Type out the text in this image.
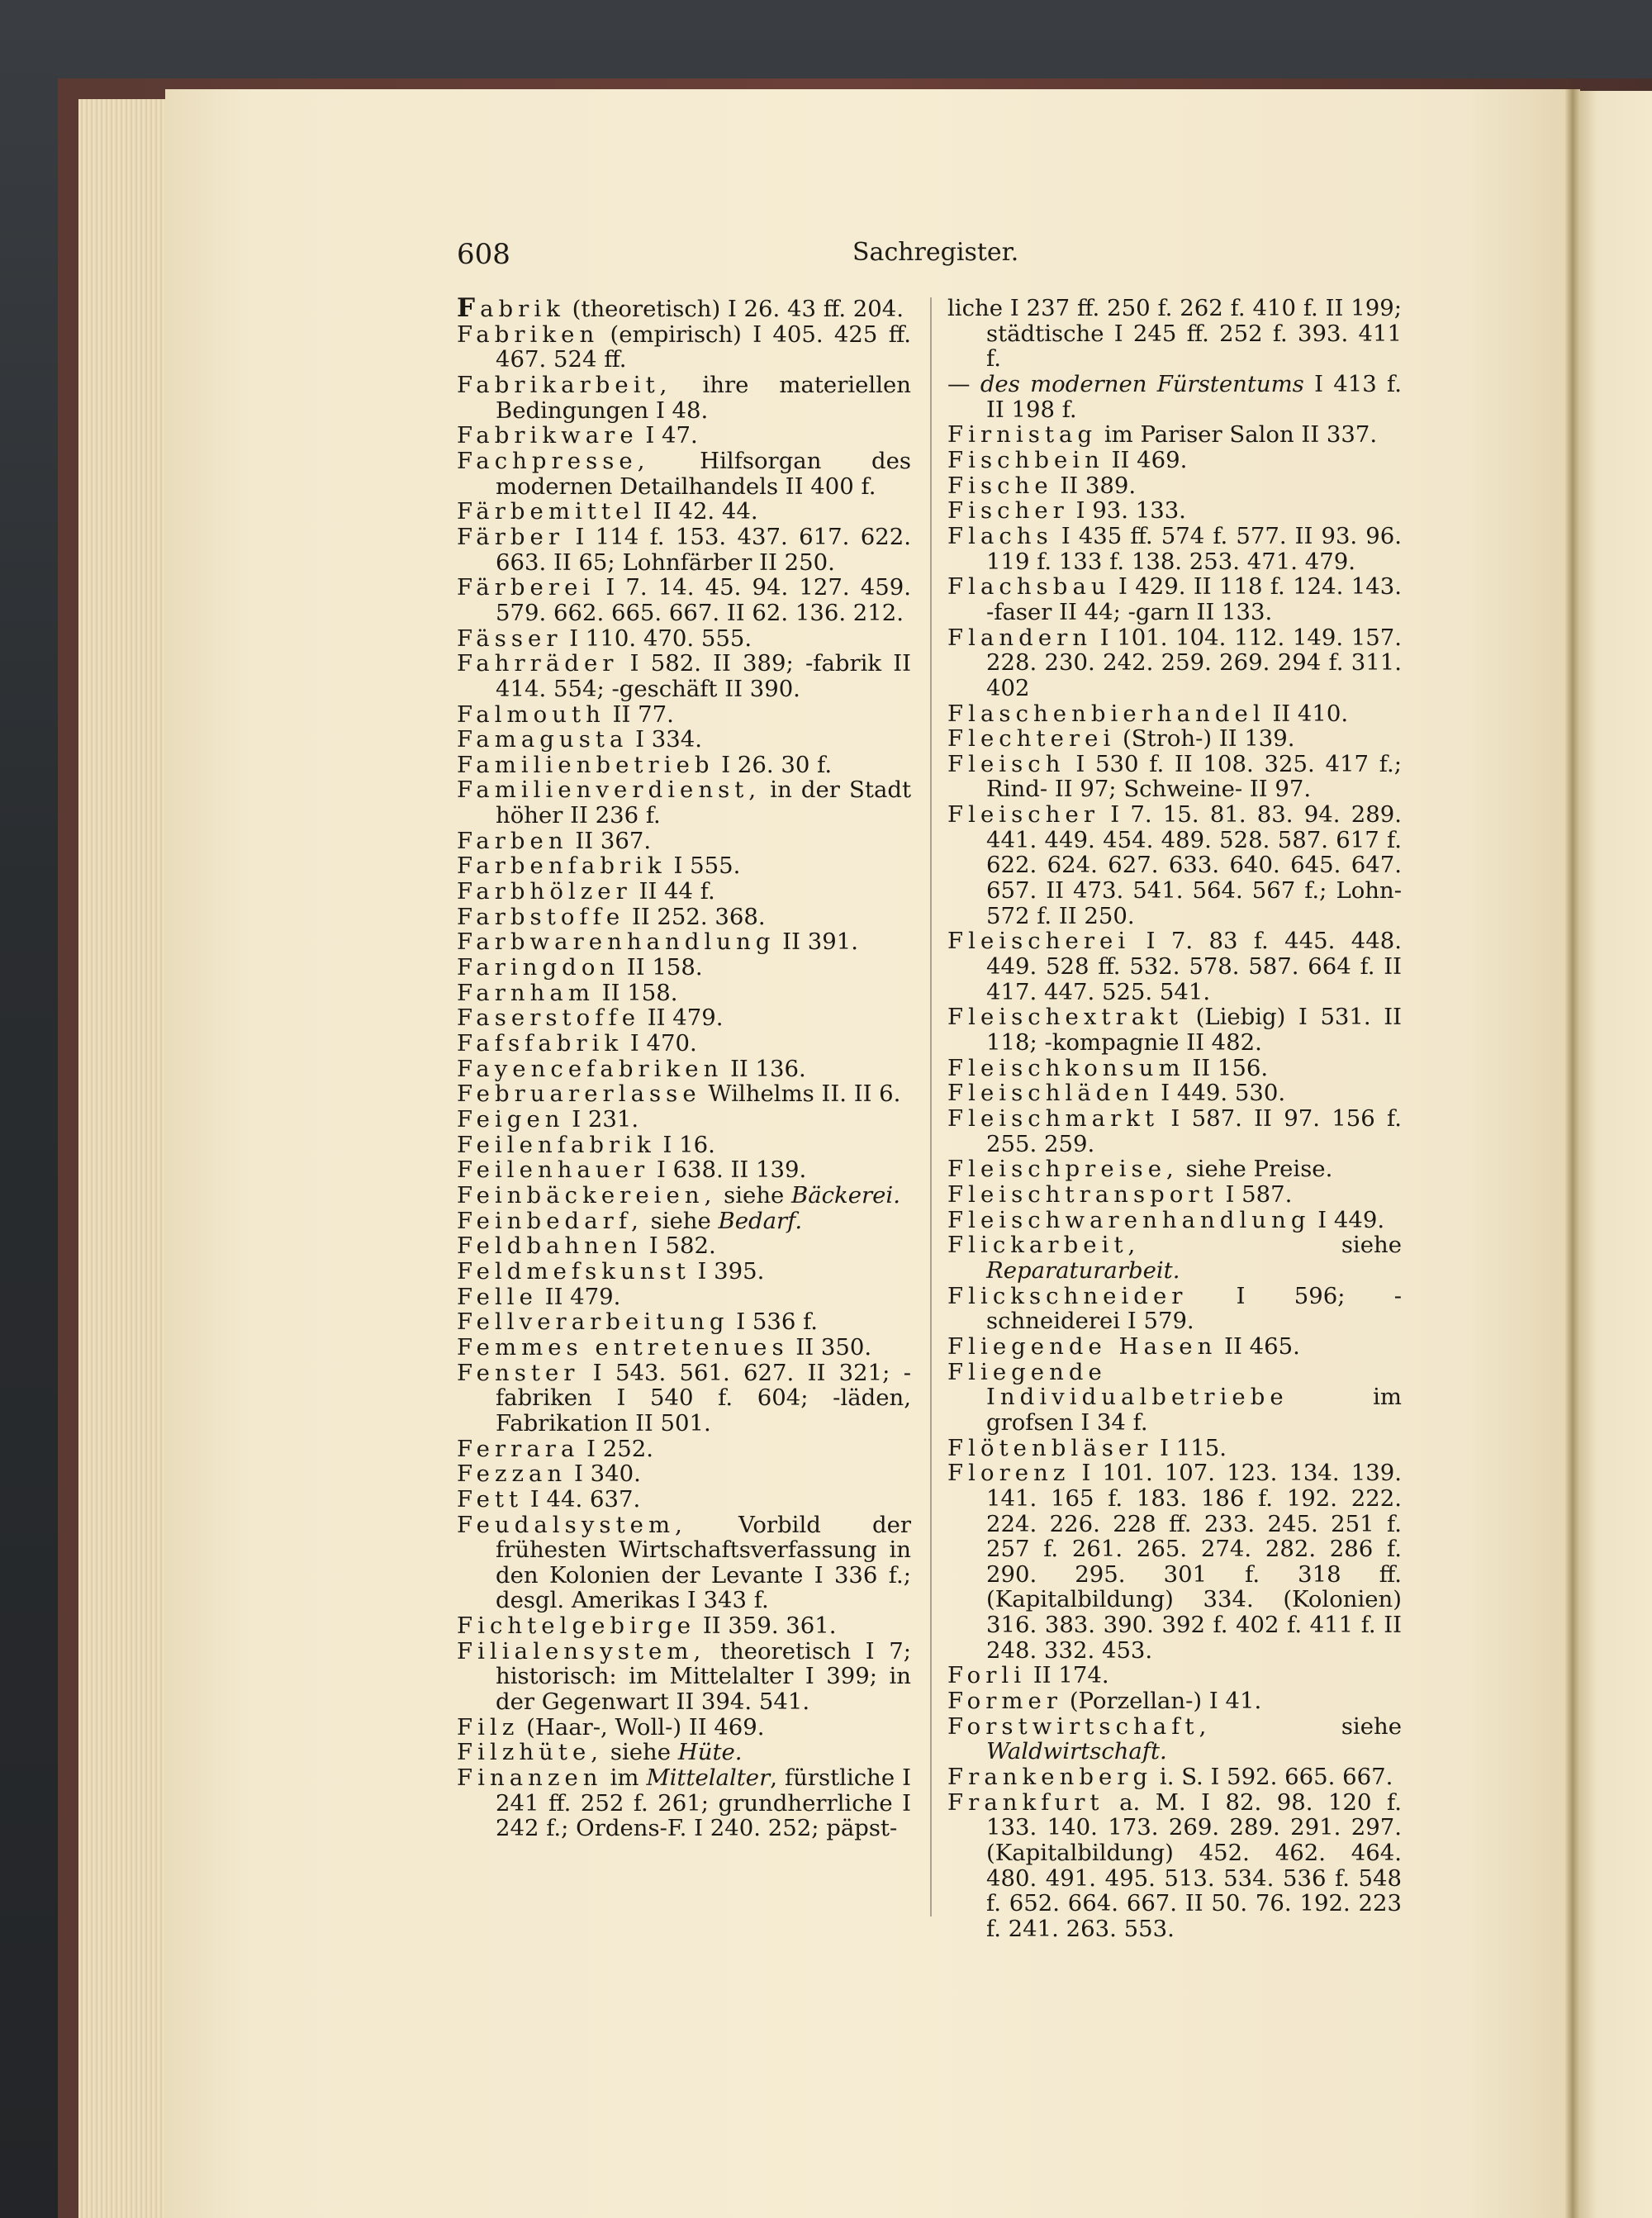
608	Sachregister.
Fabrik (theoretisch) I 26. 43 ff. 204.
Fabriken (empirisch) I 405. 425 ff. 467. 524 ff.
Fabrikarbeit, ihre materiellen Bedingungen I 48.
Fabrikware I 47.
Fachpresse, Hilfsorgan des modernen Detailhandels II 400 f.
Färbemittel II 42. 44.
Färber I 114 f. 153. 437. 617. 622. 663. II 65; Lohnfärber II 250.
Färberei I 7. 14. 45. 94. 127. 459. 579. 662. 665. 667. II 62. 136. 212.
Fässer I 110. 470. 555.
Fahrräder I 582. II 389; -fabrik II 414. 554; -geschäft II 390.
Falmouth II 77.
Famagusta I 334.
Familienbetrieb I 26. 30 f.
Familienverdienst, in der Stadt höher II 236 f.
Farben II 367.
Farbenfabrik I 555.
Farbhölzer II 44 f.
Farbstoffe II 252. 368.
Farbwarenhandlung II 391.
Faringdon II 158.
Farnham II 158.
Faserstoffe II 479.
Fafsfabrik I 470.
Fayencefabriken II 136.
Februarerlasse Wilhelms II. II 6.
Feigen I 231.
Feilenfabrik I 16.
Feilenhauer I 638. II 139.
Feinbäckereien, siehe Bäckerei.
Feinbedarf, siehe Bedarf.
Feldbahnen I 582.
Feldmefskunst I 395.
Felle II 479.
Fellverarbeitung I 536 f.
Femmes entretenues II 350.
Fenster I 543. 561. 627. II 321; -fabriken I 540 f. 604; -läden, Fabrikation II 501.
Ferrara I 252.
Fezzan I 340.
Fett I 44. 637.
Feudalsystem, Vorbild der frühesten Wirtschaftsverfassung in den Kolonien der Levante I 336 f.; desgl. Amerikas I 343 f.
Fichtelgebirge II 359. 361.
Filialensystem, theoretisch I 7; historisch: im Mittelalter I 399; in der Gegenwart II 394. 541.
Filz (Haar-, Woll-) II 469.
Filzhüte, siehe Hüte.
Finanzen im Mittelalter, fürstliche I 241 ff. 252 f. 261; grundherrliche I 242 f.; Ordens-F. I 240. 252; päpst-
liche I 237 ff. 250 f. 262 f. 410 f. II 199; städtische I 245 ff. 252 f. 393. 411 f.
— des modernen Fürstentums I 413 f. II 198 f.
Firnistag im Pariser Salon II 337.
Fischbein II 469.
Fische II 389.
Fischer I 93. 133.
Flachs I 435 ff. 574 f. 577. II 93. 96. 119 f. 133 f. 138. 253. 471. 479.
Flachsbau I 429. II 118 f. 124. 143. -faser II 44; -garn II 133.
Flandern I 101. 104. 112. 149. 157. 228. 230. 242. 259. 269. 294 f. 311. 402
Flaschenbierhandel II 410.
Flechterei (Stroh-) II 139.
Fleisch I 530 f. II 108. 325. 417 f.; Rind- II 97; Schweine- II 97.
Fleischer I 7. 15. 81. 83. 94. 289. 441. 449. 454. 489. 528. 587. 617 f. 622. 624. 627. 633. 640. 645. 647. 657. II 473. 541. 564. 567 f.; Lohn- 572 f. II 250.
Fleischerei I 7. 83 f. 445. 448. 449. 528 ff. 532. 578. 587. 664 f. II 417. 447. 525. 541.
Fleischextrakt (Liebig) I 531. II 118; -kompagnie II 482.
Fleischkonsum II 156.
Fleischläden I 449. 530.
Fleischmarkt I 587. II 97. 156 f. 255. 259.
Fleischpreise, siehe Preise.
Fleischtransport I 587.
Fleischwarenhandlung I 449.
Flickarbeit, siehe Reparaturarbeit.
Flickschneider I 596; -schneiderei I 579.
Fliegende Hasen II 465.
Fliegende Individualbetriebe im grofsen I 34 f.
Flötenbläser I 115.
Florenz I 101. 107. 123. 134. 139. 141. 165 f. 183. 186 f. 192. 222. 224. 226. 228 ff. 233. 245. 251 f. 257 f. 261. 265. 274. 282. 286 f. 290. 295. 301 f. 318 ff. (Kapitalbildung) 334. (Kolonien) 316. 383. 390. 392 f. 402 f. 411 f. II 248. 332. 453.
Forli II 174.
Former (Porzellan-) I 41.
Forstwirtschaft, siehe Waldwirtschaft.
Frankenberg i. S. I 592. 665. 667.
Frankfurt a. M. I 82. 98. 120 f. 133. 140. 173. 269. 289. 291. 297. (Kapitalbildung) 452. 462. 464. 480. 491. 495. 513. 534. 536 f. 548 f. 652. 664. 667. II 50. 76. 192. 223 f. 241. 263. 553.
